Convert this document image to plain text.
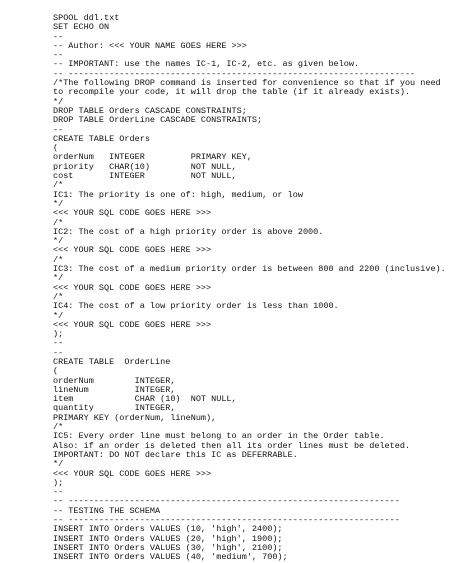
SPOOL ddl.txt
SET ECHO ON
--
-- Author: <<< YOUR NAME GOES HERE >>>
--
-- IMPORTANT: use the names IC-1, IC-2, etc. as given below.
-- --------------------------------------------------------------------
/*The following DROP command is inserted for convenience so that if you need
to recompile your code, it will drop the table (if it already exists).
*/
DROP TABLE Orders CASCADE CONSTRAINTS;
DROP TABLE OrderLine CASCADE CONSTRAINTS;
--
CREATE TABLE Orders
(
orderNum   INTEGER         PRIMARY KEY,
priority   CHAR(10)        NOT NULL,
cost       INTEGER         NOT NULL,
/*
IC1: The priority is one of: high, medium, or low
*/
<<< YOUR SQL CODE GOES HERE >>>
/*
IC2: The cost of a high priority order is above 2000.
*/
<<< YOUR SQL CODE GOES HERE >>>
/*
IC3: The cost of a medium priority order is between 800 and 2200 (inclusive).
*/
<<< YOUR SQL CODE GOES HERE >>>
/*
IC4: The cost of a low priority order is less than 1000.
*/
<<< YOUR SQL CODE GOES HERE >>>
);
--
--
CREATE TABLE  OrderLine
(
orderNum        INTEGER,
lineNum         INTEGER,
item            CHAR (10)  NOT NULL,
quantity        INTEGER,
PRIMARY KEY (orderNum, lineNum),
/*
IC5: Every order line must belong to an order in the Order table.
Also: if an order is deleted then all its order lines must be deleted.
IMPORTANT: DO NOT declare this IC as DEFERRABLE.
*/
<<< YOUR SQL CODE GOES HERE >>>
);
--
-- -----------------------------------------------------------------
-- TESTING THE SCHEMA
-- -----------------------------------------------------------------
INSERT INTO Orders VALUES (10, 'high', 2400);
INSERT INTO Orders VALUES (20, 'high', 1900);
INSERT INTO Orders VALUES (30, 'high', 2100);
INSERT INTO Orders VALUES (40, 'medium', 700);
